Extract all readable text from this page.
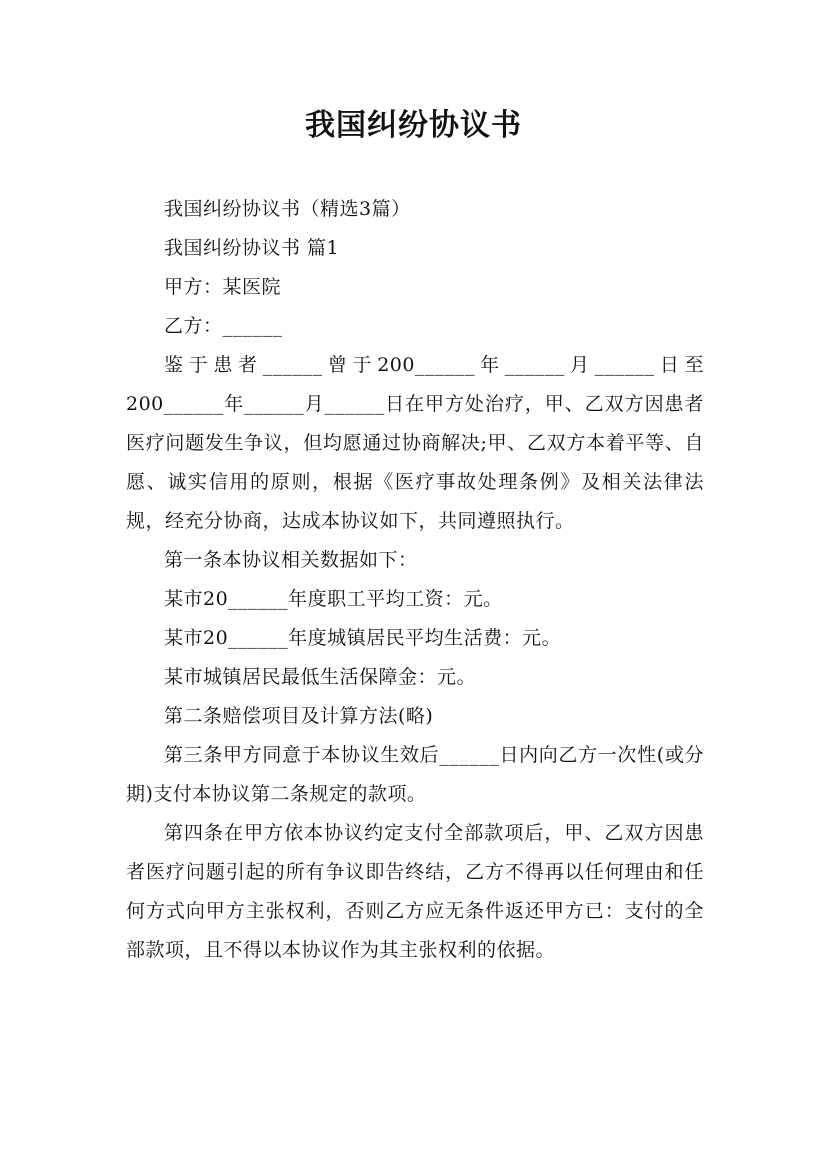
我国纠纷协议书

我国纠纷协议书（精选3篇）

我国纠纷协议书 篇1

甲方：某医院

乙方：______

鉴于患者______曾于200______年______月______日至200______年______月______日在甲方处治疗，甲、乙双方因患者医疗问题发生争议，但均愿通过协商解决;甲、乙双方本着平等、自愿、诚实信用的原则，根据《医疗事故处理条例》及相关法律法规，经充分协商，达成本协议如下，共同遵照执行。

第一条本协议相关数据如下：

某市20______年度职工平均工资：元。

某市20______年度城镇居民平均生活费：元。

某市城镇居民最低生活保障金：元。

第二条赔偿项目及计算方法(略)

第三条甲方同意于本协议生效后______日内向乙方一次性(或分期)支付本协议第二条规定的款项。

第四条在甲方依本协议约定支付全部款项后，甲、乙双方因患者医疗问题引起的所有争议即告终结，乙方不得再以任何理由和任何方式向甲方主张权利，否则乙方应无条件返还甲方已：支付的全部款项，且不得以本协议作为其主张权利的依据。
